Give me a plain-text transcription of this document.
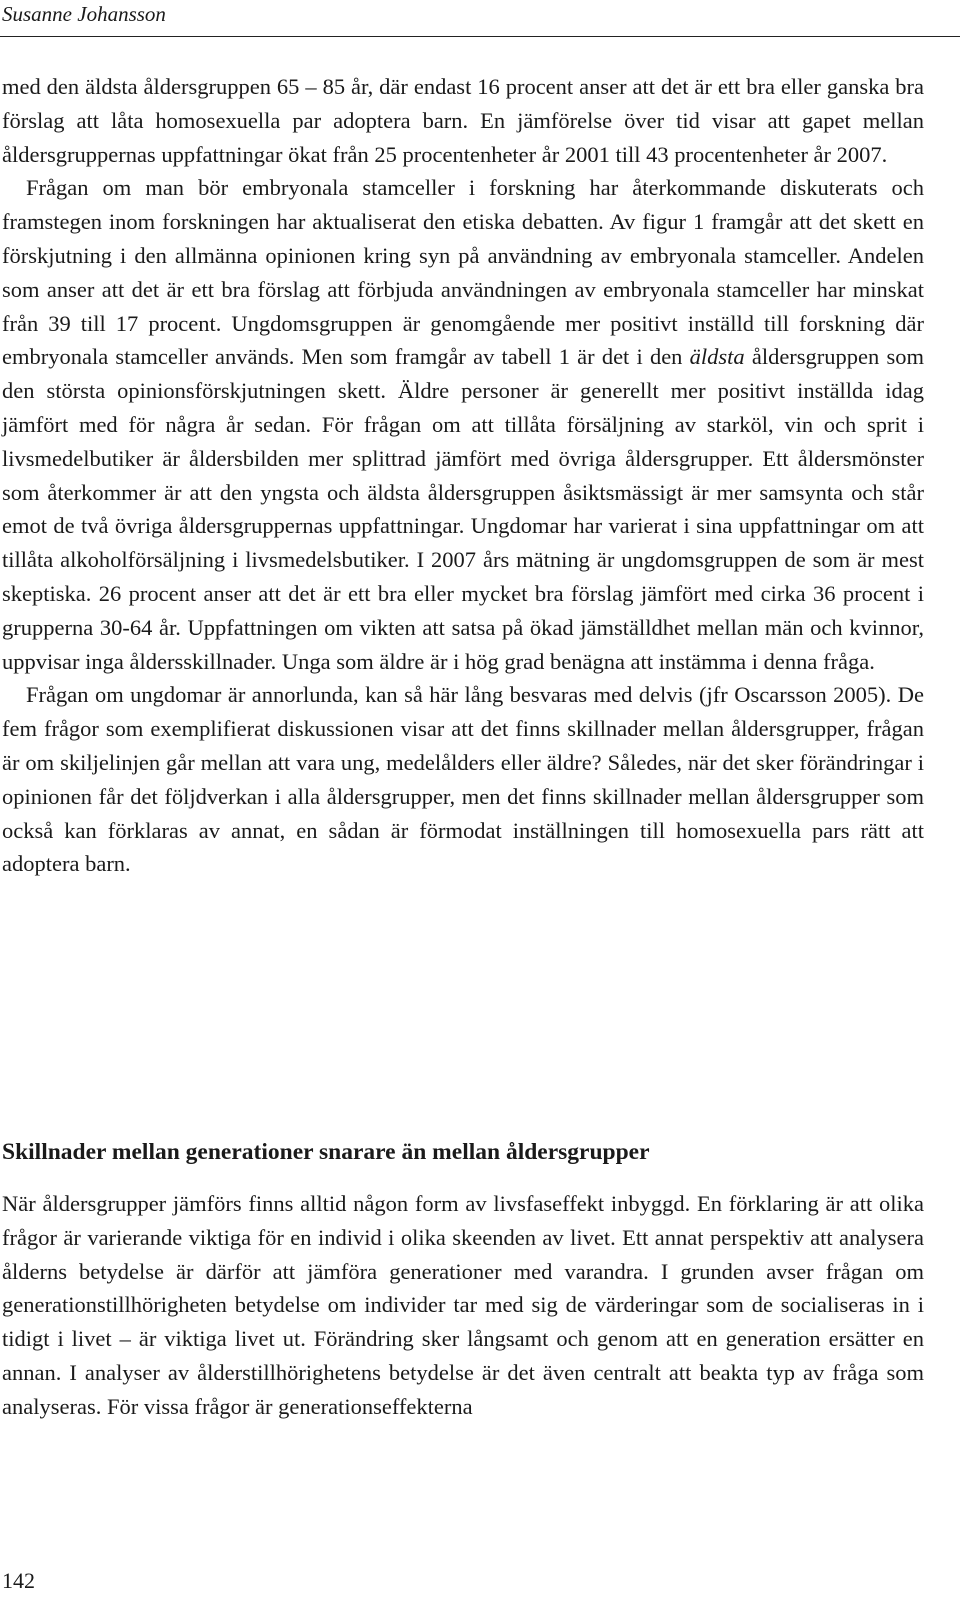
Susanne Johansson

med den äldsta åldersgruppen 65 – 85 år, där endast 16 procent anser att det är ett bra eller ganska bra förslag att låta homosexuella par adoptera barn. En jämförelse över tid visar att gapet mellan åldersgruppernas uppfattningar ökat från 25 procentenheter år 2001 till 43 procentenheter år 2007.

Frågan om man bör embryonala stamceller i forskning har återkommande diskuterats och framstegen inom forskningen har aktualiserat den etiska debatten. Av figur 1 framgår att det skett en förskjutning i den allmänna opinionen kring syn på användning av embryonala stamceller. Andelen som anser att det är ett bra förslag att förbjuda användningen av embryonala stamceller har minskat från 39 till 17 procent. Ungdomsgruppen är genomgående mer positivt inställd till forskning där embryonala stamceller används. Men som framgår av tabell 1 är det i den äldsta åldersgruppen som den största opinionsförskjutningen skett. Äldre personer är generellt mer positivt inställda idag jämfört med för några år sedan. För frågan om att tillåta försäljning av starköl, vin och sprit i livsmedelbutiker är åldersbilden mer splittrad jämfört med övriga åldersgrupper. Ett åldersmönster som återkommer är att den yngsta och äldsta åldersgruppen åsiktsmässigt är mer samsynta och står emot de två övriga åldersgruppernas uppfattningar. Ungdomar har varierat i sina uppfattningar om att tillåta alkoholförsäljning i livsmedelsbutiker. I 2007 års mätning är ungdomsgruppen de som är mest skeptiska. 26 procent anser att det är ett bra eller mycket bra förslag jämfört med cirka 36 procent i grupperna 30-64 år. Uppfattningen om vikten att satsa på ökad jämställdhet mellan män och kvinnor, uppvisar inga åldersskillnader. Unga som äldre är i hög grad benägna att instämma i denna fråga.

Frågan om ungdomar är annorlunda, kan så här lång besvaras med delvis (jfr Oscarsson 2005). De fem frågor som exemplifierat diskussionen visar att det finns skillnader mellan åldersgrupper, frågan är om skiljelinjen går mellan att vara ung, medelålders eller äldre? Således, när det sker förändringar i opinionen får det följdverkan i alla åldersgrupper, men det finns skillnader mellan åldersgrupper som också kan förklaras av annat, en sådan är förmodat inställningen till homosexuella pars rätt att adoptera barn.

Skillnader mellan generationer snarare än mellan åldersgrupper

När åldersgrupper jämförs finns alltid någon form av livsfaseffekt inbyggd. En förklaring är att olika frågor är varierande viktiga för en individ i olika skeenden av livet. Ett annat perspektiv att analysera ålderns betydelse är därför att jämföra generationer med varandra. I grunden avser frågan om generationstillhörigheten betydelse om individer tar med sig de värderingar som de socialiseras in i tidigt i livet – är viktiga livet ut. Förändring sker långsamt och genom att en generation ersätter en annan. I analyser av ålderstillhörighetens betydelse är det även centralt att beakta typ av fråga som analyseras. För vissa frågor är generationseffekterna

142
